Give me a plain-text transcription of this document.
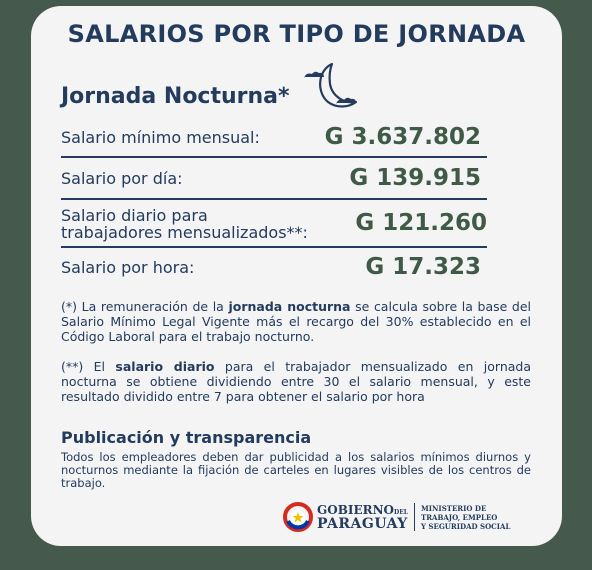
SALARIOS POR TIPO DE JORNADA
Jornada Nocturna*
Salario mínimo mensual:	G 3.637.802
Salario por día:	G 139.915
Salario diario para
trabajadores mensualizados**: G 121.260
Salario por hora:	G 17.323
(*) La remuneración de la jornada nocturna se calcula sobre la base del Salario Mínimo Legal Vigente más el recargo del 30% establecido en el Código Laboral para el trabajo nocturno.
(**) El salario diario para el trabajador mensualizado en jornada nocturna se obtiene dividiendo entre 30 el salario mensual, y este resultado dividido entre 7 para obtener el salario por hora
Publicación y transparencia
Todos los empleadores deben dar publicidad a los salarios mínimos diurnos y nocturnos mediante la fijación de carteles en lugares visibles de los centros de trabajo.
GOBIERNODEL
PARAGUAY
MINISTERIO DE
TRABAJO, EMPLEO
Y SEGURIDAD SOCIAL
